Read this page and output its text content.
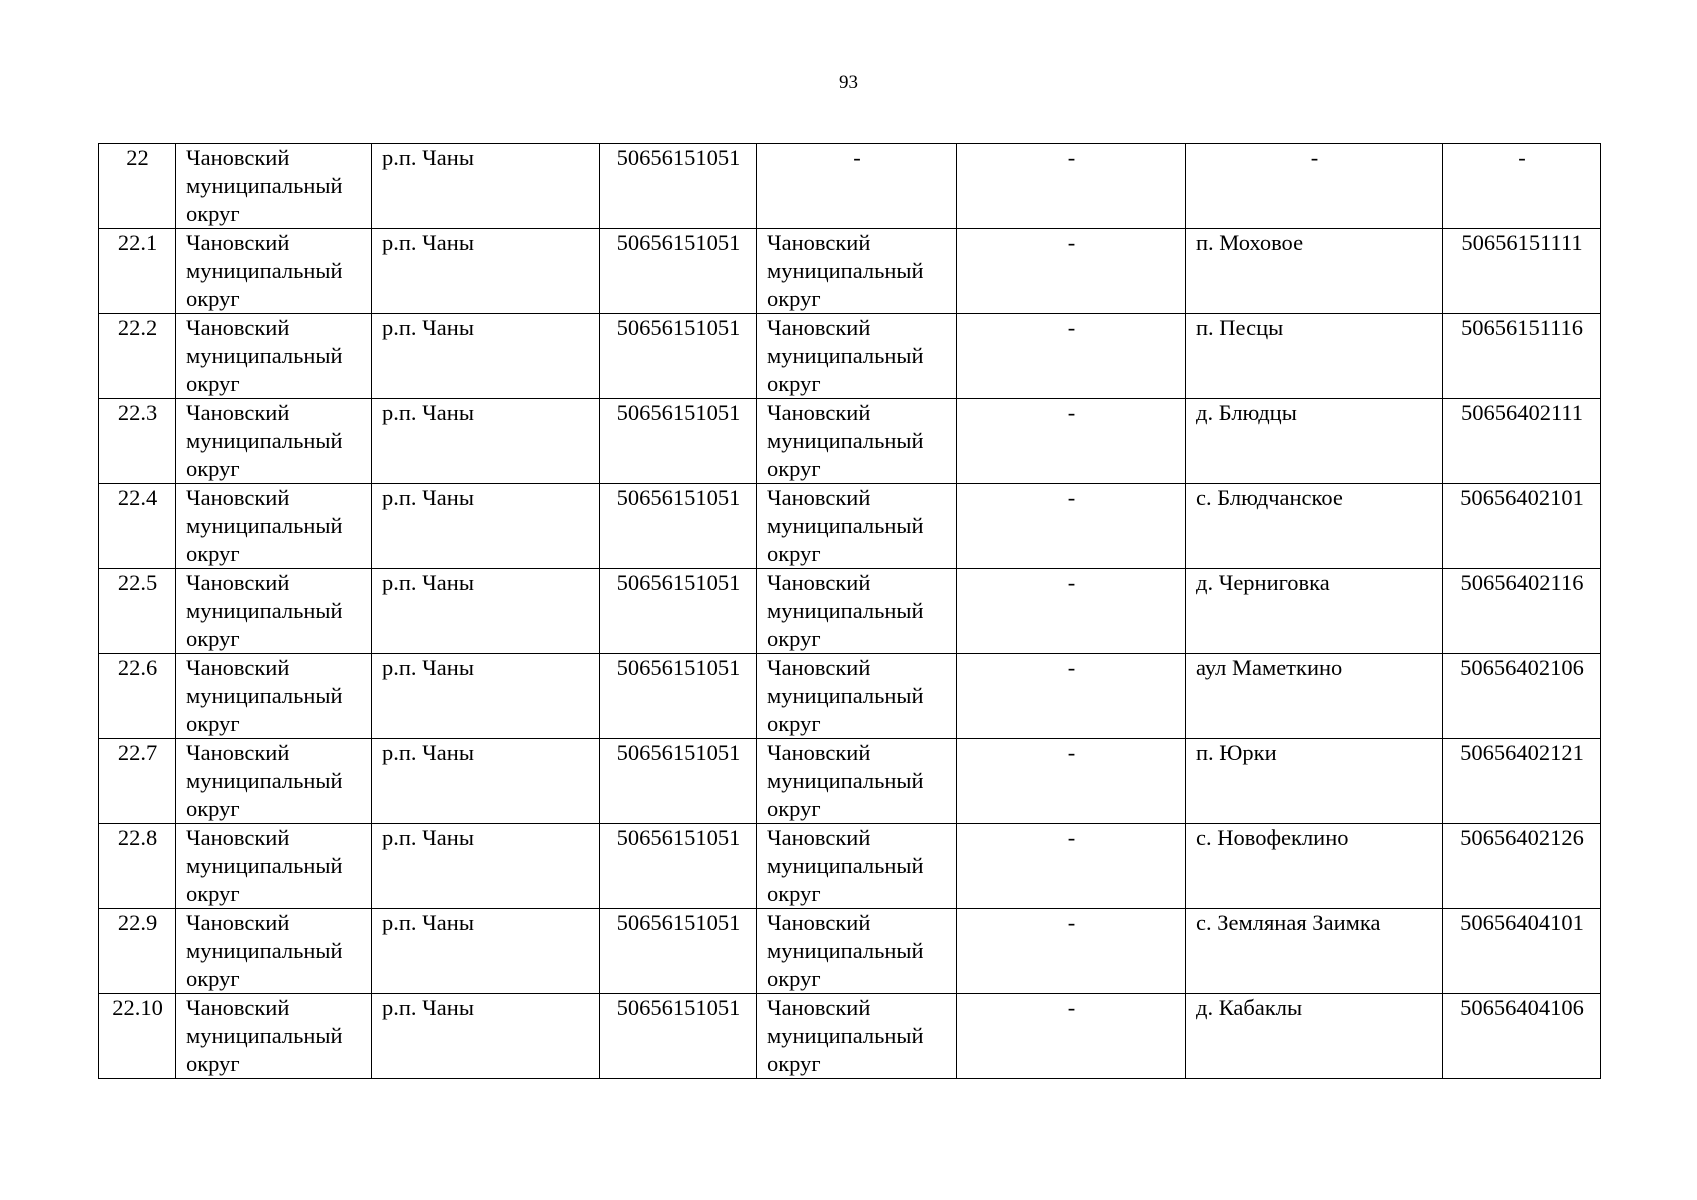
93
22	Чановский муниципальный округ	р.п. Чаны	50656151051	-	-	-	-
22.1	Чановский муниципальный округ	р.п. Чаны	50656151051	Чановский муниципальный округ	-	п. Моховое	50656151111
22.2	Чановский муниципальный округ	р.п. Чаны	50656151051	Чановский муниципальный округ	-	п. Песцы	50656151116
22.3	Чановский муниципальный округ	р.п. Чаны	50656151051	Чановский муниципальный округ	-	д. Блюдцы	50656402111
22.4	Чановский муниципальный округ	р.п. Чаны	50656151051	Чановский муниципальный округ	-	с. Блюдчанское	50656402101
22.5	Чановский муниципальный округ	р.п. Чаны	50656151051	Чановский муниципальный округ	-	д. Черниговка	50656402116
22.6	Чановский муниципальный округ	р.п. Чаны	50656151051	Чановский муниципальный округ	-	аул Маметкино	50656402106
22.7	Чановский муниципальный округ	р.п. Чаны	50656151051	Чановский муниципальный округ	-	п. Юрки	50656402121
22.8	Чановский муниципальный округ	р.п. Чаны	50656151051	Чановский муниципальный округ	-	с. Новофеклино	50656402126
22.9	Чановский муниципальный округ	р.п. Чаны	50656151051	Чановский муниципальный округ	-	с. Земляная Заимка	50656404101
22.10	Чановский муниципальный округ	р.п. Чаны	50656151051	Чановский муниципальный округ	-	д. Кабаклы	50656404106
